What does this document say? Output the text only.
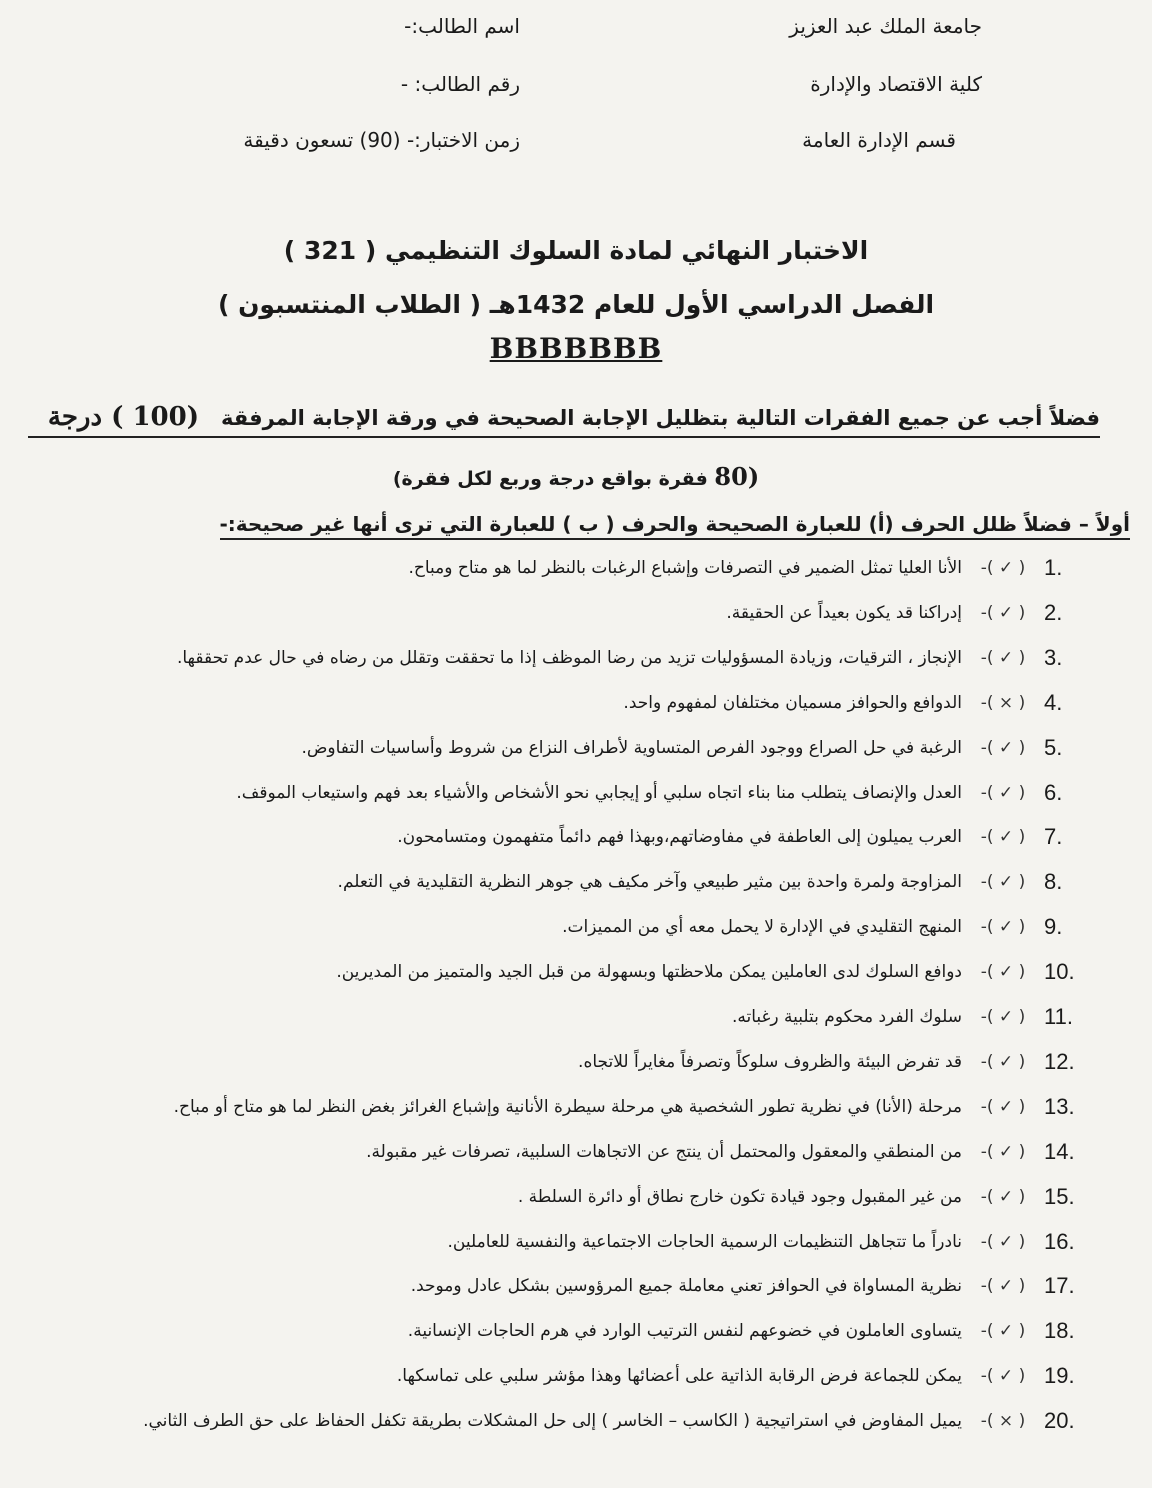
جامعة الملك عبد العزيز
كلية الاقتصاد والإدارة
قسم الإدارة العامة
اسم الطالب:-
رقم الطالب: -
زمن الاختبار:- (90) تسعون دقيقة
الاختبار النهائي لمادة السلوك التنظيمي ( 321 )
الفصل الدراسي الأول للعام 1432هـ ( الطلاب المنتسبون )
BBBBBBB
فضلاً أجب عن جميع الفقرات التالية بتظليل الإجابة الصحيحة في ورقة الإجابة المرفقة   (100 ) درجة
(80 فقرة بواقع درجة وربع لكل فقرة)
أولاً – فضلاً ظلل الحرف (أ) للعبارة الصحيحة والحرف ( ب ) للعبارة التي ترى أنها غير صحيحة:-
1.
( ✓ )-
الأنا العليا تمثل الضمير في التصرفات وإشباع الرغبات بالنظر لما هو متاح ومباح.
2.
( ✓ )-
إدراكنا قد يكون بعيداً عن الحقيقة.
3.
( ✓ )-
الإنجاز ، الترقيات، وزيادة المسؤوليات تزيد من رضا الموظف إذا ما تحققت وتقلل من رضاه في حال عدم تحققها.
4.
( × )-
الدوافع والحوافز مسميان مختلفان لمفهوم واحد.
5.
( ✓ )-
الرغبة في حل الصراع ووجود الفرص المتساوية لأطراف النزاع من شروط وأساسيات التفاوض.
6.
( ✓ )-
العدل والإنصاف يتطلب منا بناء اتجاه سلبي أو إيجابي نحو الأشخاص والأشياء بعد فهم واستيعاب الموقف.
7.
( ✓ )-
العرب يميلون إلى العاطفة في مفاوضاتهم،وبهذا فهم دائماً متفهمون ومتسامحون.
8.
( ✓ )-
المزاوجة ولمرة واحدة بين مثير طبيعي وآخر مكيف هي جوهر النظرية التقليدية في التعلم.
9.
( ✓ )-
المنهج التقليدي في الإدارة لا يحمل معه أي من المميزات.
10.
( ✓ )-
دوافع السلوك لدى العاملين يمكن ملاحظتها وبسهولة من قبل الجيد والمتميز من المديرين.
11.
( ✓ )-
سلوك الفرد محكوم بتلبية رغباته.
12.
( ✓ )-
قد تفرض البيئة والظروف سلوكاً وتصرفاً مغايراً للاتجاه.
13.
( ✓ )-
مرحلة (الأنا) في نظرية تطور الشخصية هي مرحلة سيطرة الأنانية وإشباع الغرائز بغض النظر لما هو متاح أو مباح.
14.
( ✓ )-
من المنطقي والمعقول والمحتمل أن ينتج عن الاتجاهات السلبية، تصرفات غير مقبولة.
15.
( ✓ )-
من غير المقبول وجود قيادة تكون خارج نطاق أو دائرة السلطة .
16.
( ✓ )-
نادراً ما تتجاهل التنظيمات الرسمية الحاجات الاجتماعية والنفسية للعاملين.
17.
( ✓ )-
نظرية المساواة في الحوافز تعني معاملة جميع المرؤوسين بشكل عادل وموحد.
18.
( ✓ )-
يتساوى العاملون في خضوعهم لنفس الترتيب الوارد في هرم الحاجات الإنسانية.
19.
( ✓ )-
يمكن للجماعة فرض الرقابة الذاتية على أعضائها وهذا مؤشر سلبي على تماسكها.
20.
( × )-
يميل المفاوض في استراتيجية ( الكاسب – الخاسر ) إلى حل المشكلات بطريقة تكفل الحفاظ على حق الطرف الثاني.
